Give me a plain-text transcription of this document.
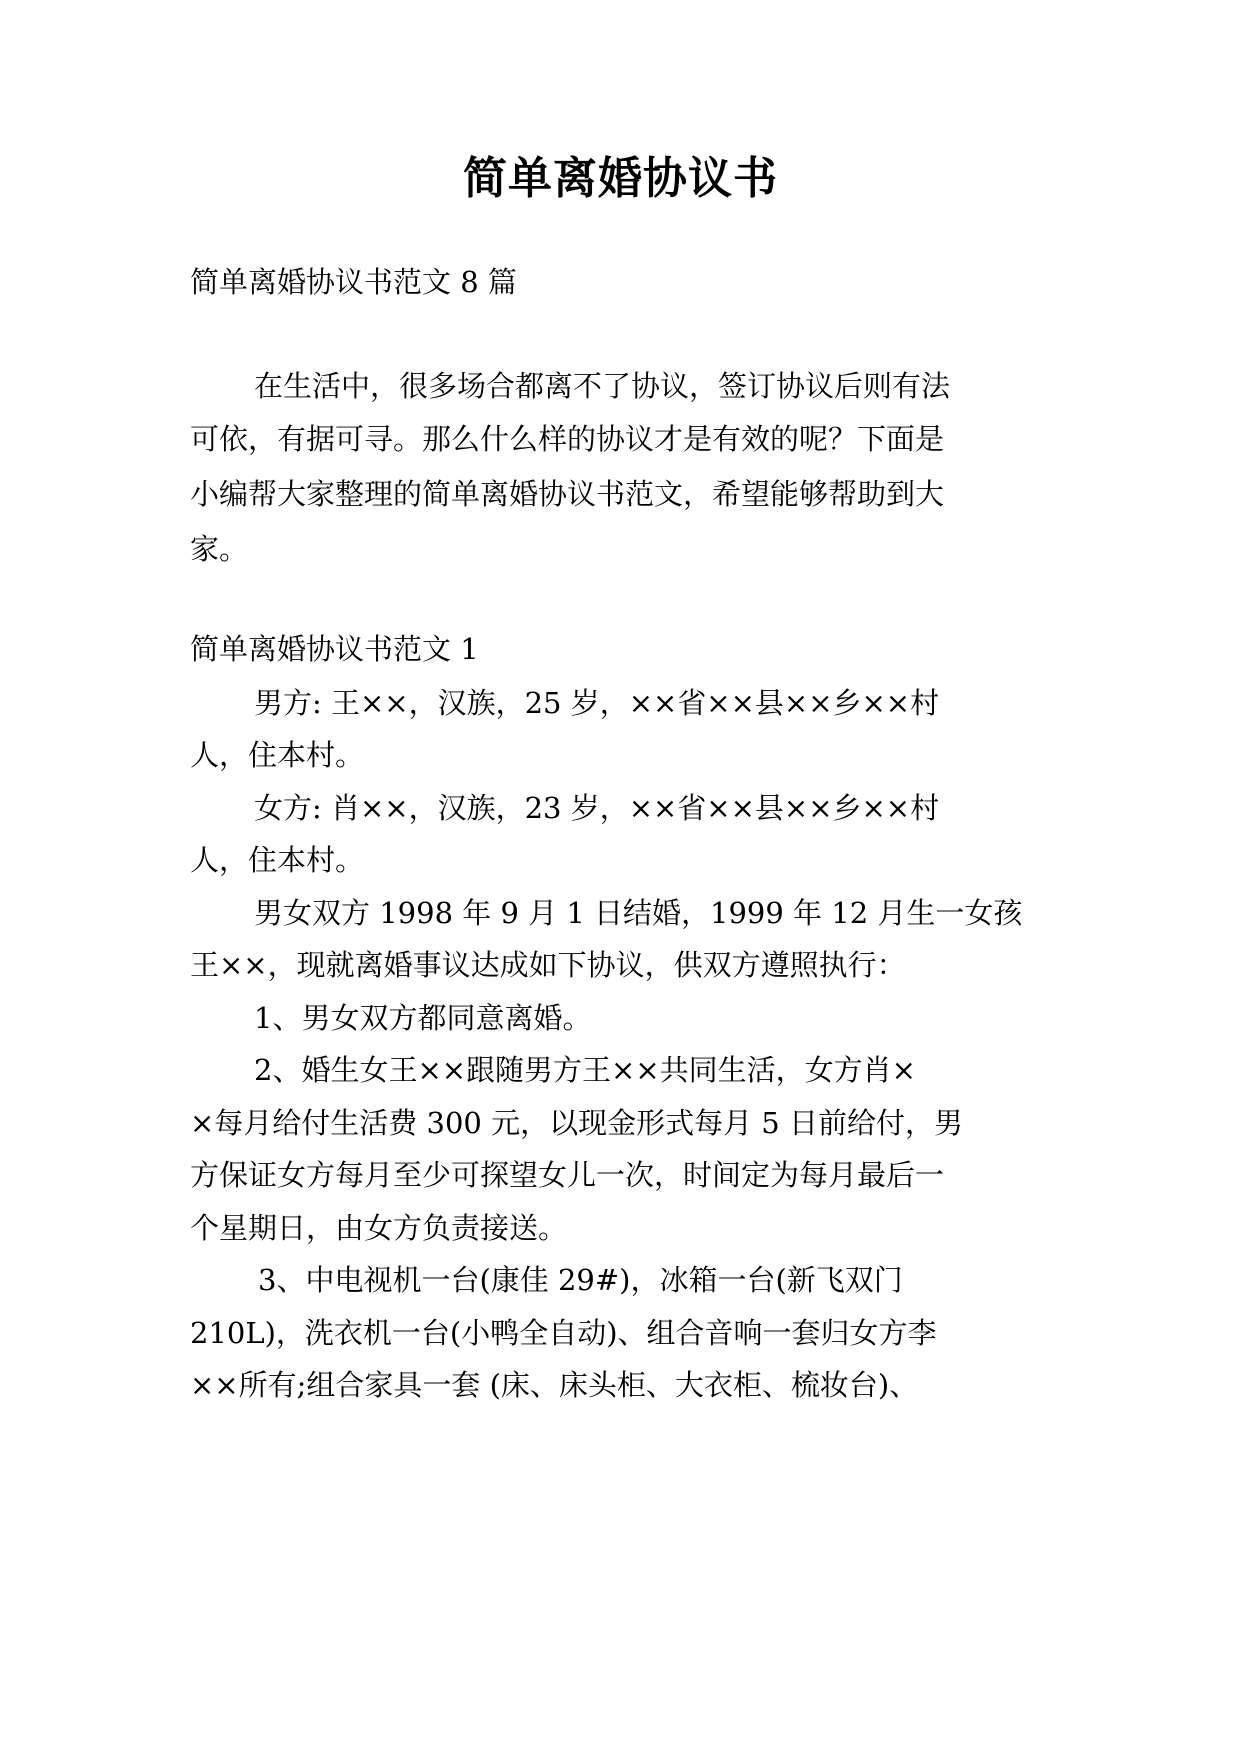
简单离婚协议书
简单离婚协议书范文 8 篇
在生活中，很多场合都离不了协议，签订协议后则有法
可依，有据可寻。那么什么样的协议才是有效的呢？下面是
小编帮大家整理的简单离婚协议书范文，希望能够帮助到大
家。
简单离婚协议书范文 1
男方: 王××，汉族，25 岁，××省××县××乡××村
人，住本村。
女方: 肖××，汉族，23 岁，××省××县××乡××村
人，住本村。
男女双方 1998 年 9 月 1 日结婚，1999 年 12 月生一女孩
王××，现就离婚事议达成如下协议，供双方遵照执行：
1、男女双方都同意离婚。
2、婚生女王××跟随男方王××共同生活，女方肖×
×每月给付生活费 300 元，以现金形式每月 5 日前给付，男
方保证女方每月至少可探望女儿一次，时间定为每月最后一
个星期日，由女方负责接送。
3、中电视机一台(康佳 29#)，冰箱一台(新飞双门
210L)，洗衣机一台(小鸭全自动)、组合音响一套归女方李
××所有;组合家具一套 (床、床头柜、大衣柜、梳妆台)、
